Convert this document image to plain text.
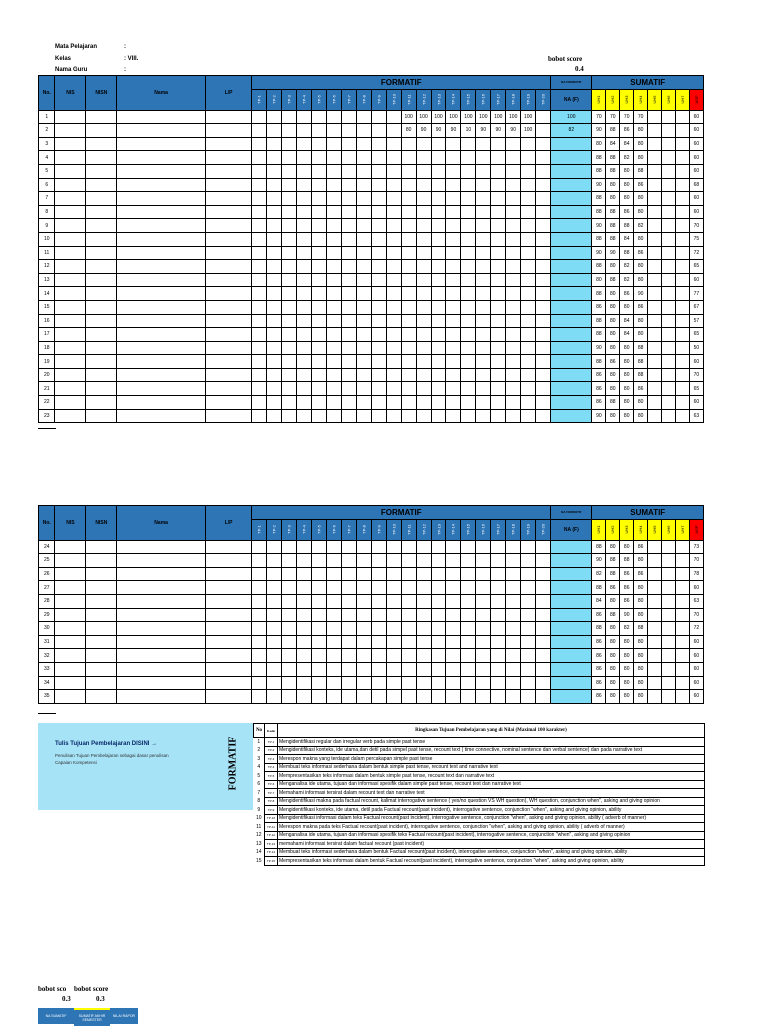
Mata Pelajaran	:
Kelas	: VIII.
Nama Guru	:
bobot score
0.4
No.	NIS	NISN	Nama	L/P	FORMATIF																				NA FORMATIF	SUMATIF							

					TP-1	TP-2	TP-3	TP-4	TP-5	TP-6	TP-7	TP-8	TP-9	TP-10	TP-11	TP-12	TP-13	TP-14	TP-15	TP-16	TP-17	TP-18	TP-19	TP-20	NA (F)	UH1	UH2	UH3	UH4	UH5	UH6	UH7	ASP

1															100	100	100	100	100	100	100	100	100		100	70	70	70	70				60
2															80	90	90	90	10	90	90	90	100		82	90	88	86	80				60
3																										80	84	84	80				60
4																										88	88	82	80				60
5																										88	88	80	88				60
6																										90	80	80	86				68
7																										88	80	80	80				60
8																										88	88	86	80				60
9																										90	88	88	82				70
10																										88	88	84	80				75
11																										90	90	88	86				72
12																										88	80	82	80				65
13																										80	88	82	80				60
14																										88	80	86	90				77
15																										86	80	80	86				67
16																										88	80	84	80				57
17																										88	80	84	80				65
18																										90	80	80	88				50
19																										88	86	80	88				60
20																										86	80	80	88				70
21																										86	80	80	86				65
22																										86	88	80	80				60
23																										90	80	80	80				63
No.	NIS	NISN	Nama	L/P	FORMATIF																				NA FORMATIF	SUMATIF							

					TP-1	TP-2	TP-3	TP-4	TP-5	TP-6	TP-7	TP-8	TP-9	TP-10	TP-11	TP-12	TP-13	TP-14	TP-15	TP-16	TP-17	TP-18	TP-19	TP-20	NA (F)	UH1	UH2	UH3	UH4	UH5	UH6	UH7	ASP

24																										88	80	80	86				73
25																										90	88	88	80				70
26																										82	88	86	86				78
27																										88	86	86	80				60
28																										84	80	86	80				63
29																										86	88	90	80				70
30																										88	80	82	88				72
31																										86	80	80	80				60
32																										86	80	80	80				60
33																										86	80	80	80				60
34																										86	80	80	80				60
35																										86	80	80	80				60
Tulis Tujuan Pembelajaran DISINI →
Penulisan Tujuan Pembelajaran sebagai dasar penulisan Capaian Kompetensi	FORMATIF
No	Kode	Ringkasan Tujuan Pembelajaran yang di Nilai (Maximal 100 karakter)
1	TP-1	Mengidentifikasi regular dan irregular verb pada simple past tense
2	TP-2	Mengidentifikasi konteks, ide utama,dan detil pada simpel past tense, recount text ( time connective, nominal sentence dan verbal sentence) dan pada narrative text
3	TP-3	Merespon makna yang terdapat dalam percakapan simple past tense
4	TP-4	Membuat teks informasi sederhana dalam bentuk simple past tense, recount text and narrative text
5	TP-5	Mempresentasikan teks informasi dalam bentuk simple past tense, recount text dan narrative text
6	TP-6	Menganalisa ide utama, tujuan dan informasi spesifik dalam simple past tense, recount text dan narrative text
7	TP-7	Memahami informasi tersirat dalam recount text dan narrative text
8	TP-8	Mengidentifikasi makna pada factual recount, kalimat interrogative sentence ( yes/no question VS WH question), WH question, conjunction when", asking and giving opinion
9	TP-9	Mengidentifikasi konteks, ide utama, detil pada Factual recount(past incident), interrogative sentence, conjunction "when", asking and giving opinion, ability
10	TP-10	Mengidentifikasi informasi dalam teks Factual recount(past incident), interrogative sentence, conjunction "when", asking and giving opinion, ability ( adverb of manner)
11	TP-11	Merespon makna pada teks Factual recount(past incident), interrogative sentence, conjunction "when", asking and giving opinion, ability ( adverb of manner)
12	TP-12	Menganalisa ide utama, tujuan dan informasi spesifik teks Factual recount(past incident), interrogative sentence, conjunction "when", asking and giving opinion
13	TP-13	memahami informasi tersirat dalam factual recount (past incident)
14	TP-14	Membuat teks informasi sederhana dalam bentuk Factual recount(past incident), interrogative sentence, conjunction "when", asking and giving opinion, ability
15	TP-15	Mempresentasikan teks informasi dalam bentuk Factual recount(past incident), interrogative sentence, conjunction "when", asking and giving opinion, ability
bobot sco bobot score
0.3	0.3
NA SUMATIF	SUMATIF AKHIR SEMESTER
NILAI RAPOR
